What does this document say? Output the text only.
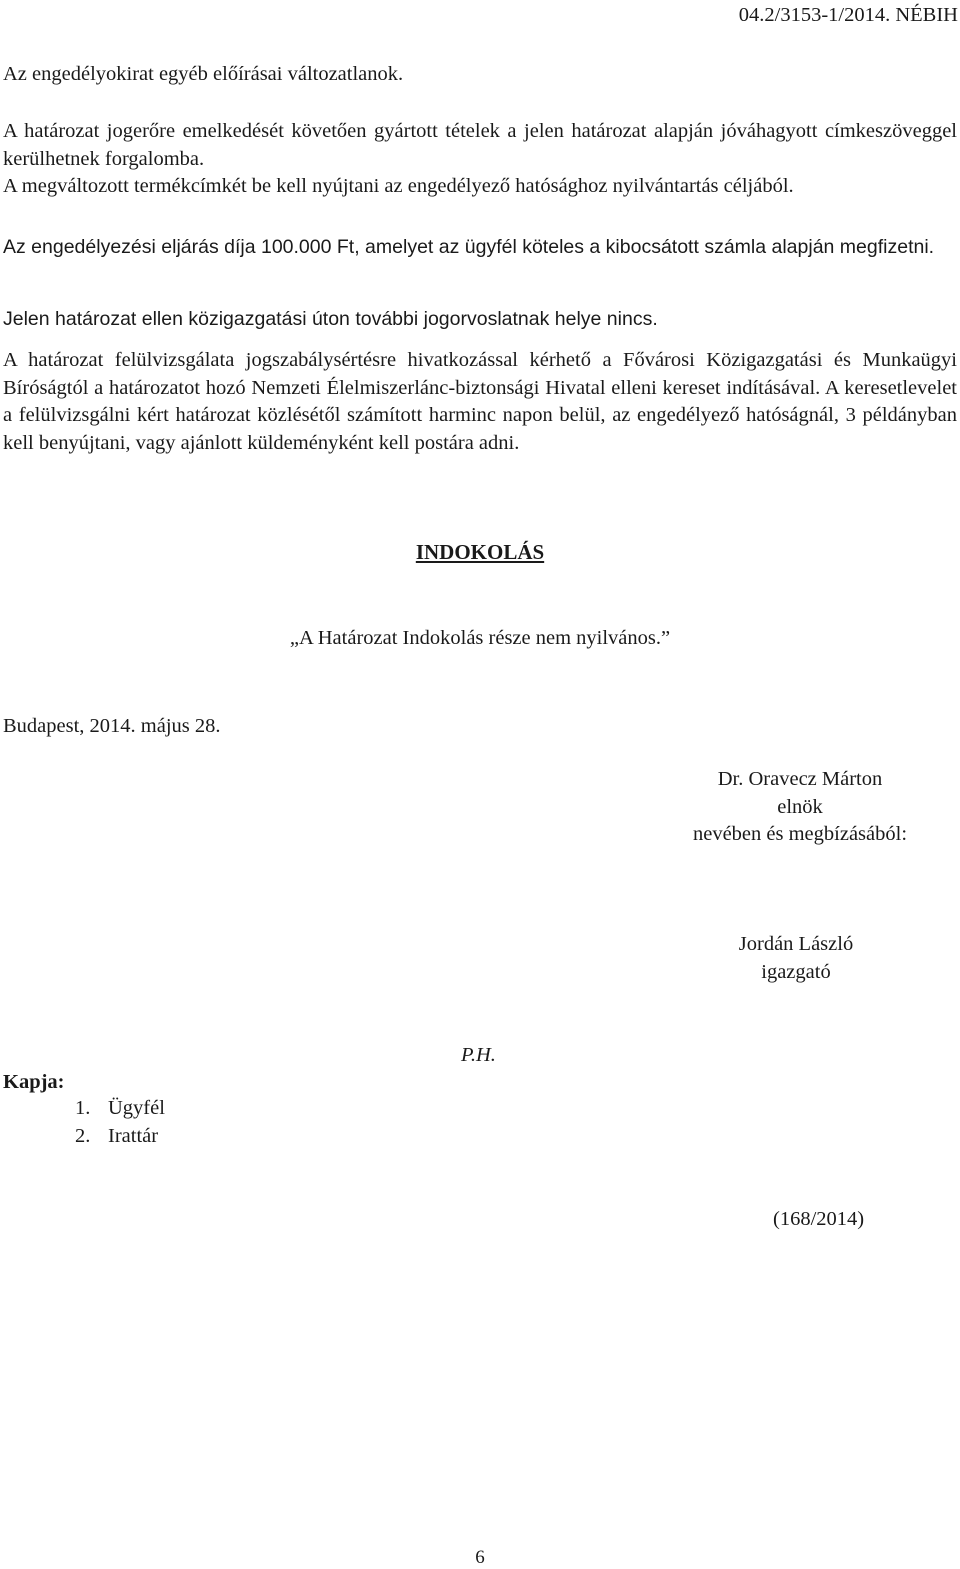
04.2/3153-1/2014. NÉBIH

Az engedélyokirat egyéb előírásai változatlanok.

A határozat jogerőre emelkedését követően gyártott tételek a jelen határozat alapján jóváhagyott címkeszöveggel kerülhetnek forgalomba.

A megváltozott termékcímkét be kell nyújtani az engedélyező hatósághoz nyilvántartás céljából.

Az engedélyezési eljárás díja 100.000 Ft, amelyet az ügyfél köteles a kibocsátott számla alapján megfizetni.

Jelen határozat ellen közigazgatási úton további jogorvoslatnak helye nincs.

A határozat felülvizsgálata jogszabálysértésre hivatkozással kérhető a Fővárosi Közigazgatási és Munkaügyi Bíróságtól a határozatot hozó Nemzeti Élelmiszerlánc-biztonsági Hivatal elleni kereset indításával. A keresetlevelet a felülvizsgálni kért határozat közlésétől számított harminc napon belül, az engedélyező hatóságnál, 3 példányban kell benyújtani, vagy ajánlott küldeményként kell postára adni.

INDOKOLÁS
„A Határozat Indokolás része nem nyilvános.”
Budapest, 2014. május 28.
Dr. Oravecz Márton
elnök
nevében és megbízásából:
Jordán László
igazgató
P.H.
Kapja:
1. Ügyfél
2. Irattár
(168/2014)
6
